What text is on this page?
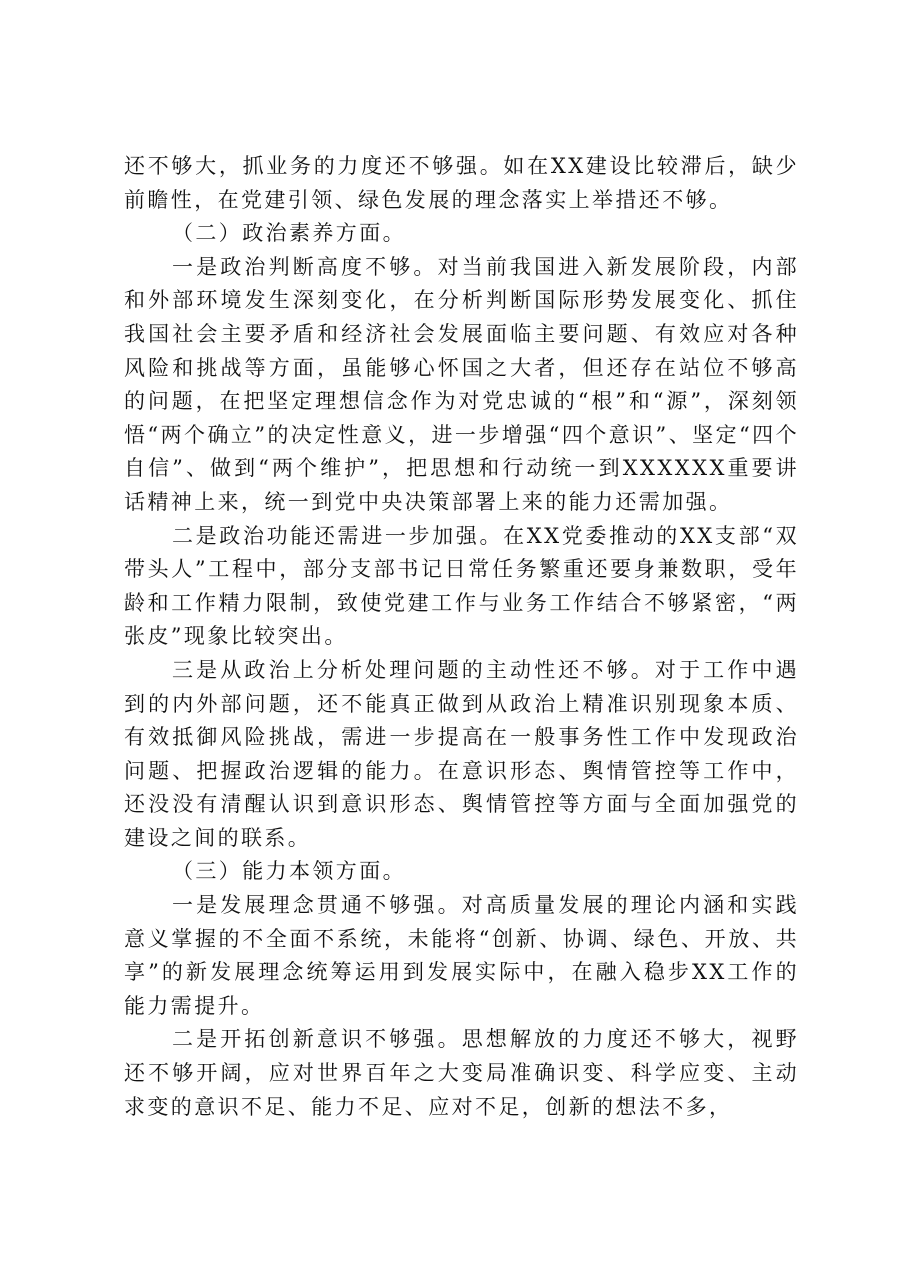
还不够大，抓业务的力度还不够强。如在XX建设比较滞后，缺少前瞻性，在党建引领、绿色发展的理念落实上举措还不够。

（二）政治素养方面。

一是政治判断高度不够。对当前我国进入新发展阶段，内部和外部环境发生深刻变化，在分析判断国际形势发展变化、抓住我国社会主要矛盾和经济社会发展面临主要问题、有效应对各种风险和挑战等方面，虽能够心怀国之大者，但还存在站位不够高的问题，在把坚定理想信念作为对党忠诚的“根”和“源”，深刻领悟“两个确立”的决定性意义，进一步增强“四个意识”、坚定“四个自信”、做到“两个维护”，把思想和行动统一到XXXXXX重要讲话精神上来，统一到党中央决策部署上来的能力还需加强。

二是政治功能还需进一步加强。在XX党委推动的XX支部“双带头人”工程中，部分支部书记日常任务繁重还要身兼数职，受年龄和工作精力限制，致使党建工作与业务工作结合不够紧密，“两张皮”现象比较突出。

三是从政治上分析处理问题的主动性还不够。对于工作中遇到的内外部问题，还不能真正做到从政治上精准识别现象本质、有效抵御风险挑战，需进一步提高在一般事务性工作中发现政治问题、把握政治逻辑的能力。在意识形态、舆情管控等工作中，还没没有清醒认识到意识形态、舆情管控等方面与全面加强党的建设之间的联系。

（三）能力本领方面。

一是发展理念贯通不够强。对高质量发展的理论内涵和实践意义掌握的不全面不系统，未能将“创新、协调、绿色、开放、共享”的新发展理念统筹运用到发展实际中，在融入稳步XX工作的能力需提升。

二是开拓创新意识不够强。思想解放的力度还不够大，视野还不够开阔，应对世界百年之大变局准确识变、科学应变、主动求变的意识不足、能力不足、应对不足，创新的想法不多，
